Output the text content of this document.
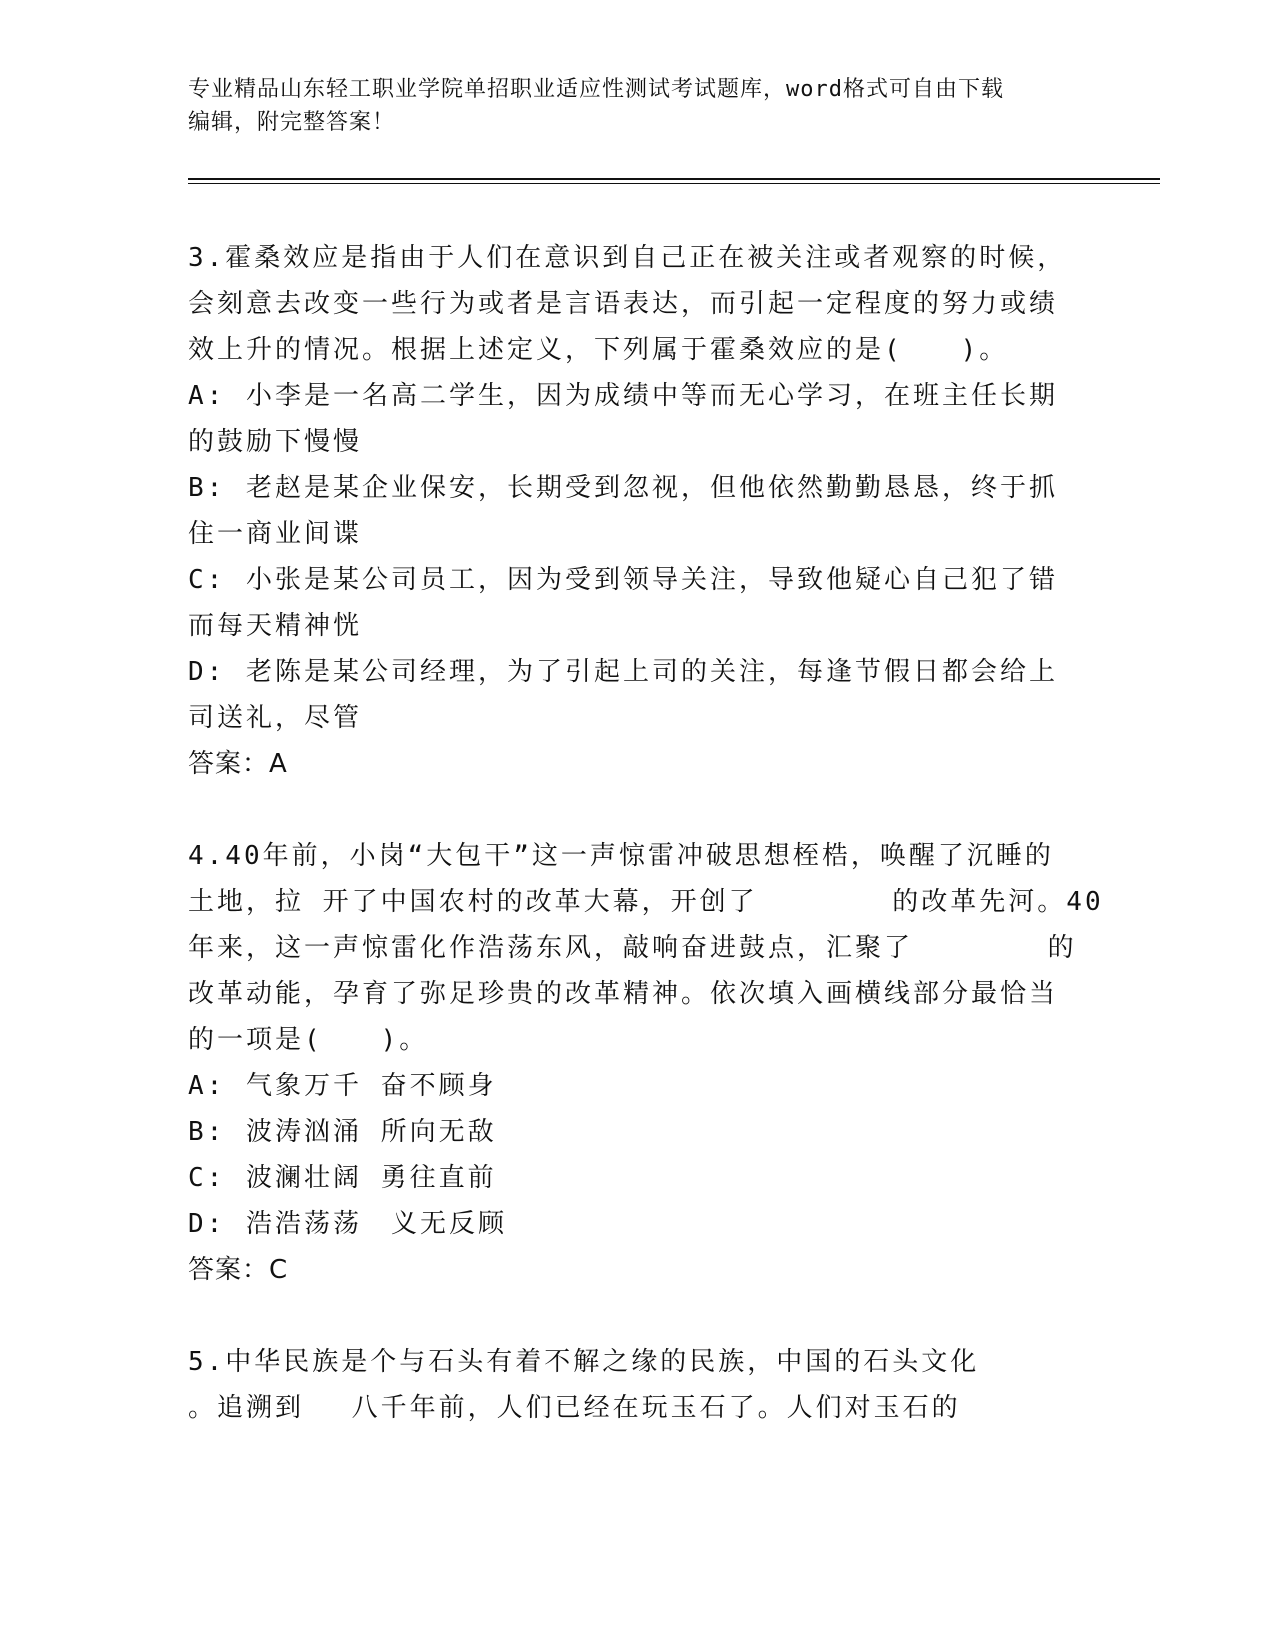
专业精品山东轻工职业学院单招职业适应性测试考试题库，word格式可自由下载
编辑，附完整答案！
3.霍桑效应是指由于人们在意识到自己正在被关注或者观察的时候，
会刻意去改变一些行为或者是言语表达，而引起一定程度的努力或绩
效上升的情况。根据上述定义，下列属于霍桑效应的是(　　)。
A: 小李是一名高二学生，因为成绩中等而无心学习，在班主任长期
的鼓励下慢慢
B: 老赵是某企业保安，长期受到忽视，但他依然勤勤恳恳，终于抓
住一商业间谍
C: 小张是某公司员工，因为受到领导关注，导致他疑心自己犯了错
而每天精神恍
D: 老陈是某公司经理，为了引起上司的关注，每逢节假日都会给上
司送礼，尽管
答案：A
4.40年前，小岗“大包干”这一声惊雷冲破思想桎梏，唤醒了沉睡的
土地，拉 开了中国农村的改革大幕，开创了　　　　 的改革先河。40
年来，这一声惊雷化作浩荡东风，敲响奋进鼓点，汇聚了　　　　 的
改革动能，孕育了弥足珍贵的改革精神。依次填入画横线部分最恰当
的一项是(　　)。
A: 气象万千 奋不顾身
B: 波涛汹涌 所向无敌
C: 波澜壮阔 勇往直前
D: 浩浩荡荡　义无反顾
答案：C
5.中华民族是个与石头有着不解之缘的民族，中国的石头文化
。追溯到　 八千年前，人们已经在玩玉石了。人们对玉石的
